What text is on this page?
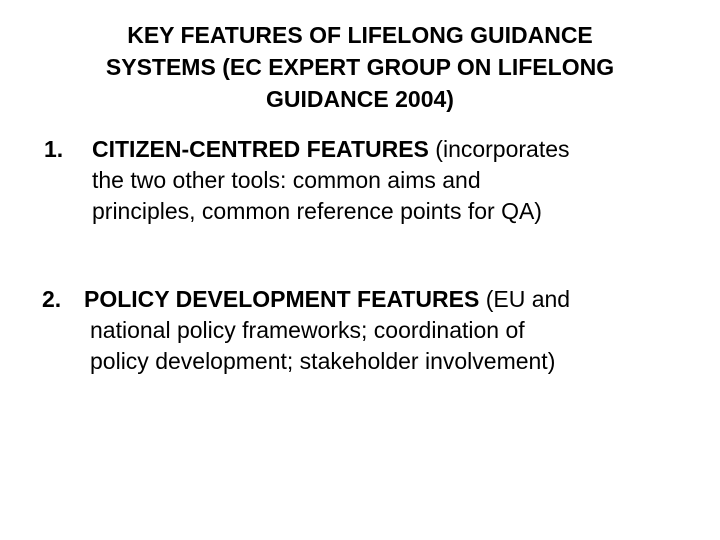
KEY FEATURES OF LIFELONG GUIDANCE
SYSTEMS (EC EXPERT GROUP ON LIFELONG
GUIDANCE 2004)
1. CITIZEN-CENTRED FEATURES (incorporates
the two other tools: common aims and
principles, common reference points for QA)
2. POLICY DEVELOPMENT FEATURES (EU and
national policy frameworks; coordination of
policy development; stakeholder involvement)
